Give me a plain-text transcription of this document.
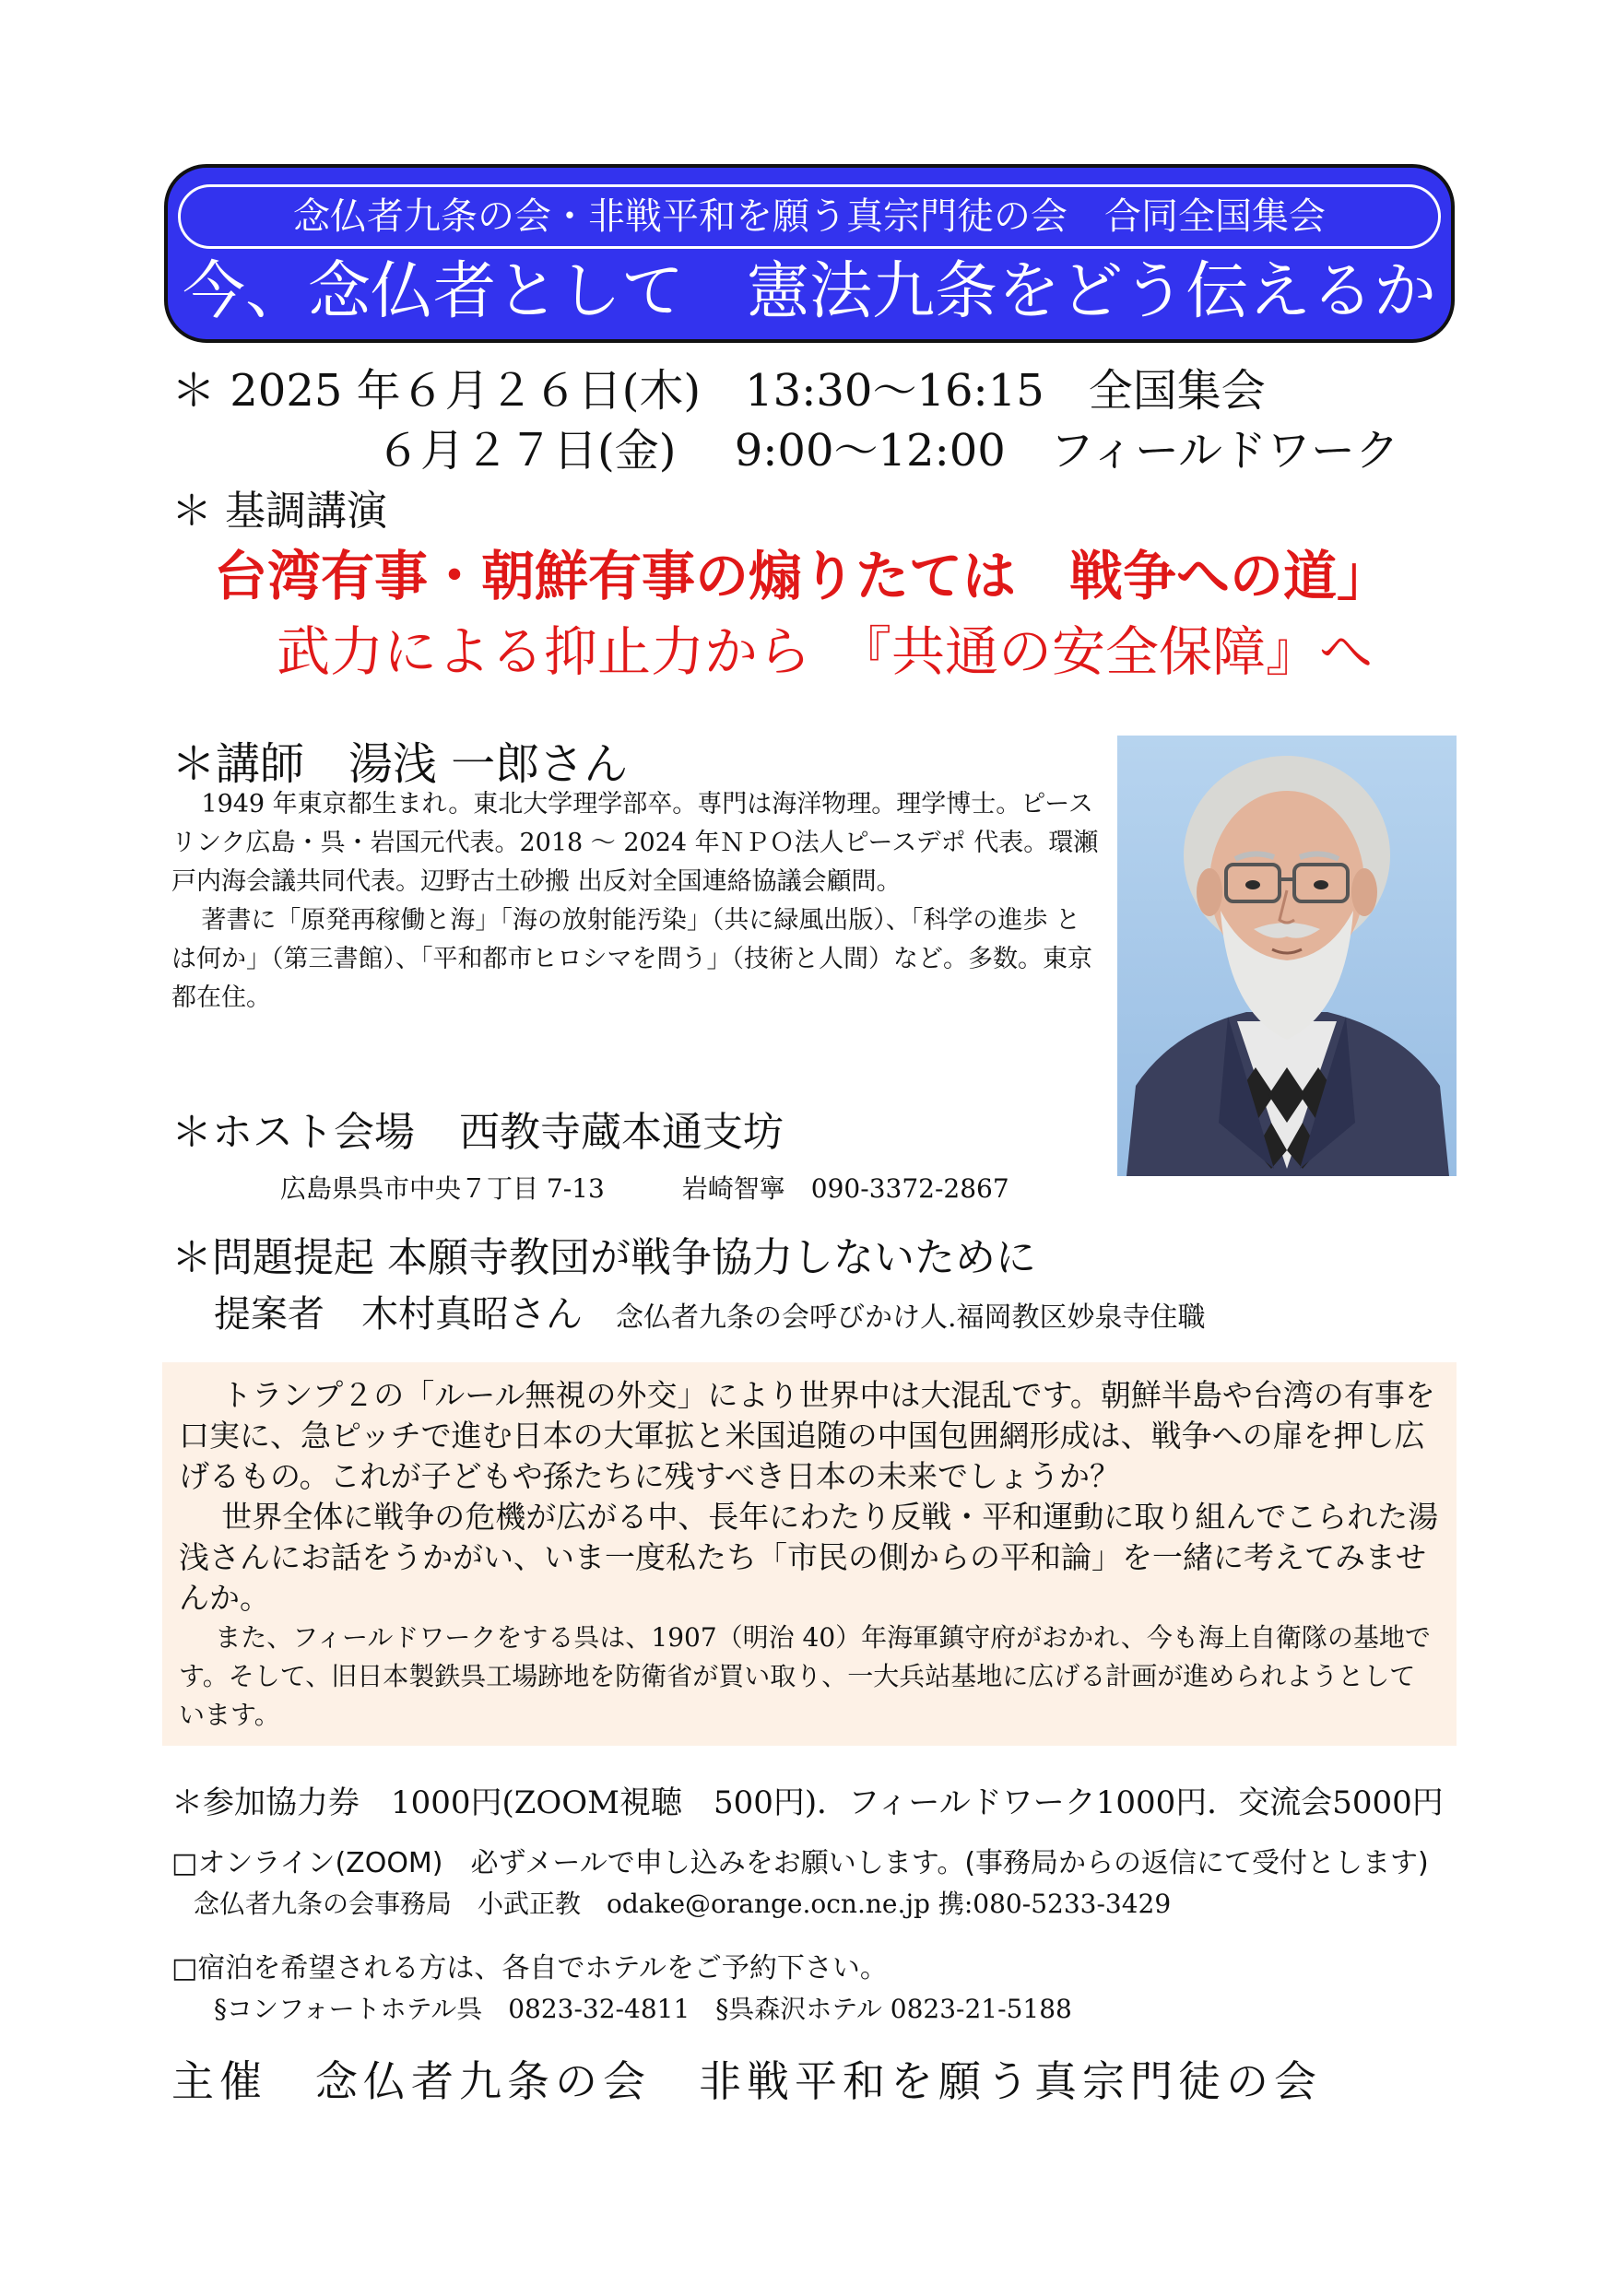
念仏者九条の会・非戦平和を願う真宗門徒の会　合同全国集会
今、念仏者として　憲法九条をどう伝えるか
＊ 2025 年６月２６日(木)　13:30〜16:15　全国集会
６月２７日(金)　 9:00〜12:00　フィールドワーク
＊ 基調講演
台湾有事・朝鮮有事の煽りたては　戦争への道」
武力による抑止力から　『共通の安全保障』へ
＊講師　湯浅 一郎さん

1949 年東京都生まれ。東北大学理学部卒。専門は海洋物理。理学博士。ピースリンク広島・呉・岩国元代表。2018 〜 2024 年ＮＰＯ法人ピースデポ 代表。環瀬戸内海会議共同代表。辺野古土砂搬 出反対全国連絡協議会顧問。

著書に「原発再稼働と海」「海の放射能汚染」（共に緑風出版）、「科学の進歩 とは何か」（第三書館）、「平和都市ヒロシマを問う」（技術と人間）など。多数。東京都在住。

＊ホスト会場 西教寺蔵本通支坊
広島県呉市中央７丁目 7-13　　　岩崎智寧　090-3372-2867
＊問題提起 本願寺教団が戦争協力しないために
提案者　木村真昭さん 念仏者九条の会呼びかけ人.福岡教区妙泉寺住職

トランプ２の「ルール無視の外交」により世界中は大混乱です。朝鮮半島や台湾の有事を口実に、急ピッチで進む日本の大軍拡と米国追随の中国包囲網形成は、戦争への扉を押し広げるもの。これが子どもや孫たちに残すべき日本の未来でしょうか？

世界全体に戦争の危機が広がる中、長年にわたり反戦・平和運動に取り組んでこられた湯浅さんにお話をうかがい、いま一度私たち「市民の側からの平和論」を一緒に考えてみませんか。

また、フィールドワークをする呉は、1907（明治 40）年海軍鎮守府がおかれ、今も海上自衛隊の基地です。そして、旧日本製鉄呉工場跡地を防衛省が買い取り、一大兵站基地に広げる計画が進められようとしています。

＊参加協力券　1000円(ZOOM視聴　500円)．フィールドワーク1000円．交流会5000円
□オンライン(ZOOM)　必ずメールで申し込みをお願いします。(事務局からの返信にて受付とします)
念仏者九条の会事務局　小武正教　odake@orange.ocn.ne.jp 携:080-5233-3429
□宿泊を希望される方は、各自でホテルをご予約下さい。
§コンフォートホテル呉　0823-32-4811　§呉森沢ホテル 0823-21-5188
主催　念仏者九条の会　非戦平和を願う真宗門徒の会
